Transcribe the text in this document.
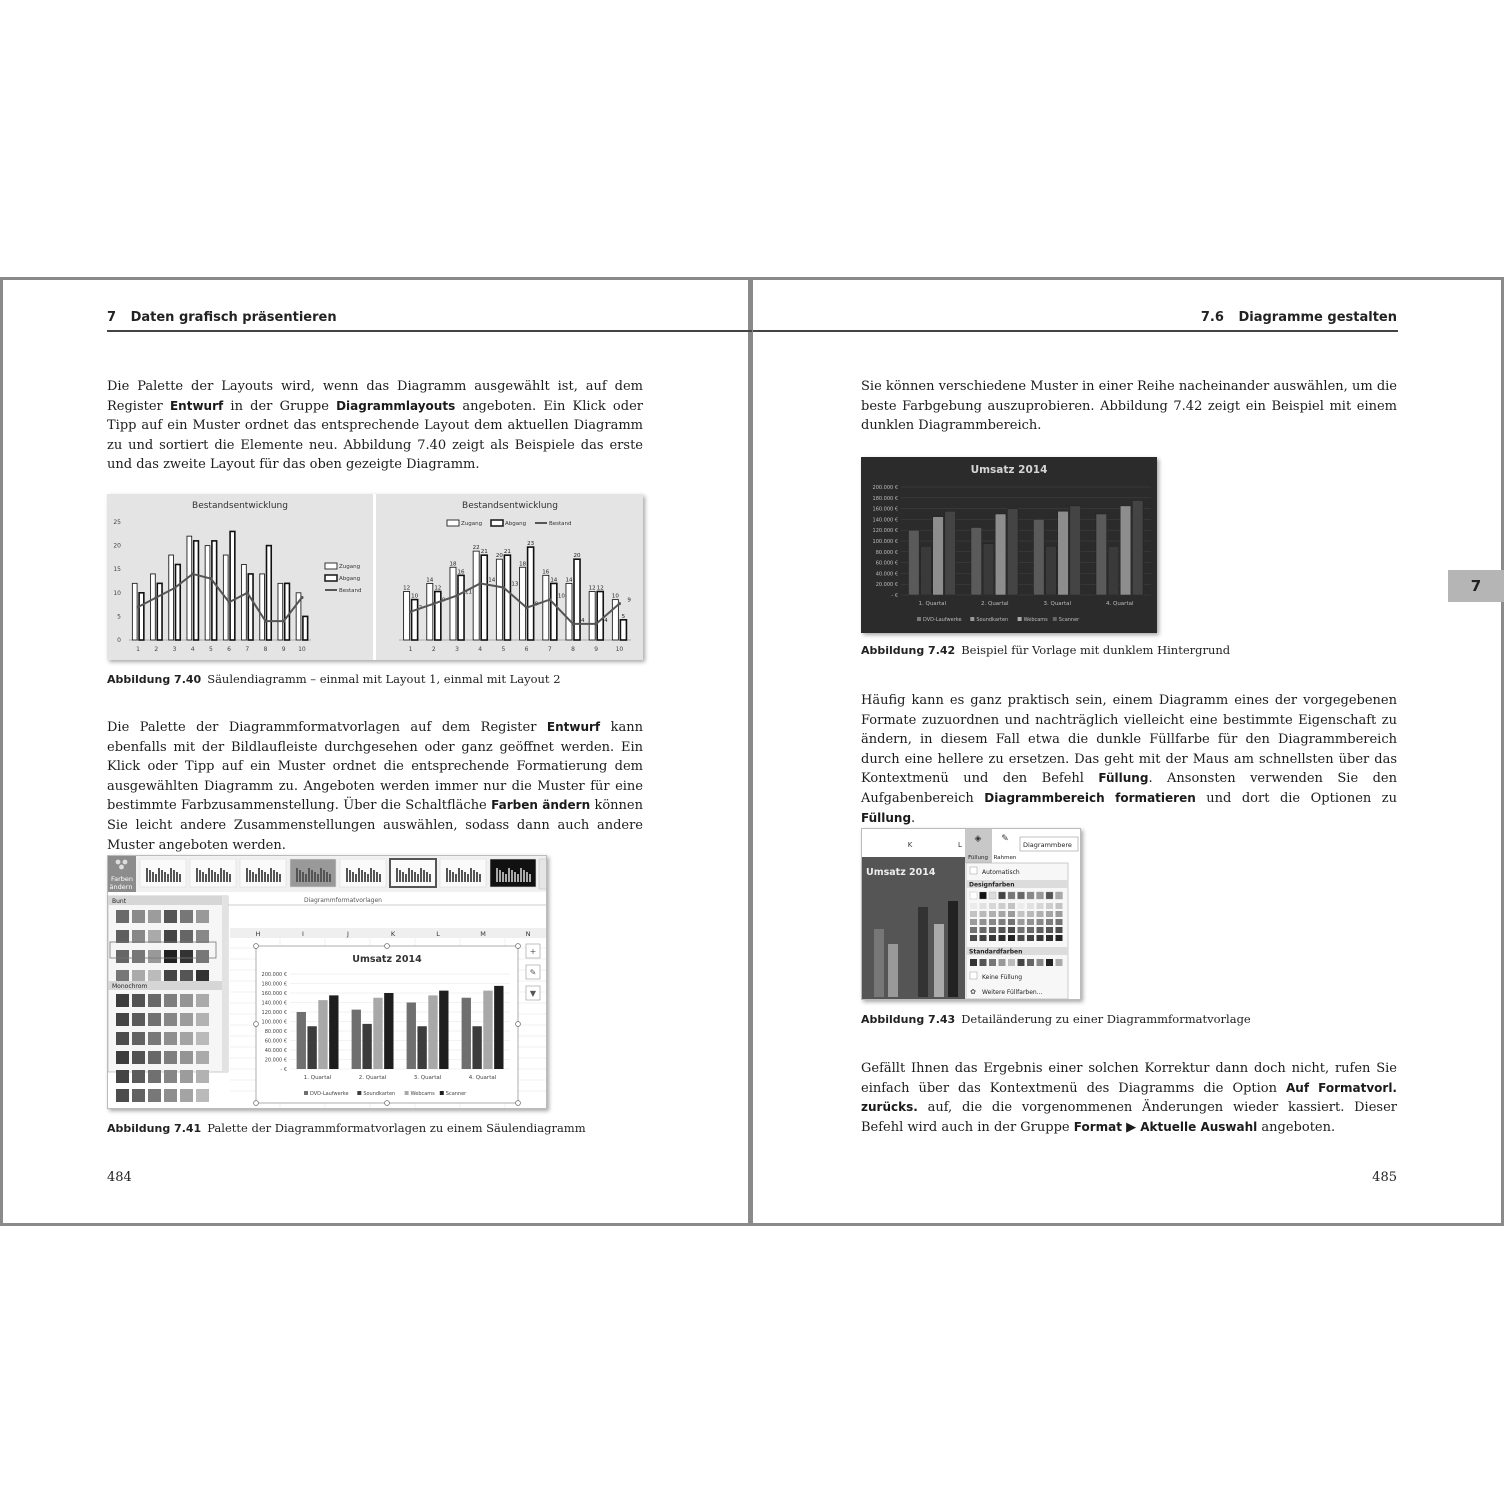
7 Daten grafisch präsentieren
Die Palette der Layouts wird, wenn das Diagramm ausgewählt ist, auf dem Register Entwurf in der Gruppe Diagrammlayouts angeboten. Ein Klick oder Tipp auf ein Muster ordnet das entsprechende Layout dem aktuellen Diagramm zu und sortiert die Elemente neu. Abbildung 7.40 zeigt als Beispiele das erste und das zweite Layout für das oben gezeigte Diagramm.
Bestandsentwicklung
0
5
10
15
20
25
1 2 3 4 5 6 7 8 9 10
Zugang
Abgang
Bestand
Bestandsentwicklung
1
12
10
7
2
14
12
9
3
18
16
11
4
22
21
14
5
20
21
13
6
18
23
8
7
16
14
10
8
14
20
4
9
12 12
4
10
10
5
9
Zugang	Abgang	Bestand
Abbildung 7.40 Säulendiagramm – einmal mit Layout 1, einmal mit Layout 2
Die Palette der Diagrammformatvorlagen auf dem Register Entwurf kann ebenfalls mit der Bildlaufleiste durchgesehen oder ganz geöffnet werden. Ein Klick oder Tipp auf ein Muster ordnet die entsprechende Formatierung dem ausgewählten Diagramm zu. Angeboten werden immer nur die Muster für eine bestimmte Farbzusammenstellung. Über die Schaltfläche Farben ändern können Sie leicht andere Zusammenstellungen auswählen, sodass dann auch andere Muster angeboten werden.
Farben
ändern
Diagrammformatvorlagen
Bunt
Monochrom
H	I	J	K	L	M	N
Umsatz 2014
- €
20.000 €
40.000 €
60.000 €
80.000 €
100.000 €
120.000 €
140.000 €
160.000 €
180.000 €
200.000 €
1. Quartal	2. Quartal	3. Quartal	4. Quartal
DVD-Laufwerke	Soundkarten	Webcams Scanner
+
✎
▼
Abbildung 7.41 Palette der Diagrammformatvorlagen zu einem Säulendiagramm
484
7.6 Diagramme gestalten
Sie können verschiedene Muster in einer Reihe nacheinander auswählen, um die beste Farbgebung auszuprobieren. Abbildung 7.42 zeigt ein Beispiel mit einem dunklen Diagrammbereich.
Umsatz 2014
- €
20.000 €
40.000 €
60.000 €
80.000 €
100.000 €
120.000 €
140.000 €
160.000 €
180.000 €
200.000 €
1. Quartal	2. Quartal	3. Quartal	4. Quartal
DVD-Laufwerke	Soundkarten	Webcams Scanner
Abbildung 7.42 Beispiel für Vorlage mit dunklem Hintergrund
Häufig kann es ganz praktisch sein, einem Diagramm eines der vorgegebenen Formate zuzuordnen und nachträglich vielleicht eine bestimmte Eigenschaft zu ändern, in diesem Fall etwa die dunkle Füllfarbe für den Diagrammbereich durch eine hellere zu ersetzen. Das geht mit der Maus am schnellsten über das Kontextmenü und den Befehl Füllung. Ansonsten verwenden Sie den Aufgabenbereich Diagrammbereich formatieren und dort die Optionen zu Füllung.
K	L
Umsatz 2014
◈
Füllung
✎
Rahmen
Diagrammbere
Automatisch
Designfarben
Standardfarben
Keine Füllung
✿ Weitere Füllfarben...
Abbildung 7.43 Detailänderung zu einer Diagrammformatvorlage
Gefällt Ihnen das Ergebnis einer solchen Korrektur dann doch nicht, rufen Sie einfach über das Kontextmenü des Diagramms die Option Auf Formatvorl. zurücks. auf, die die vorgenommenen Änderungen wieder kassiert. Dieser Befehl wird auch in der Gruppe Format ▶ Aktuelle Auswahl angeboten.
485
7
